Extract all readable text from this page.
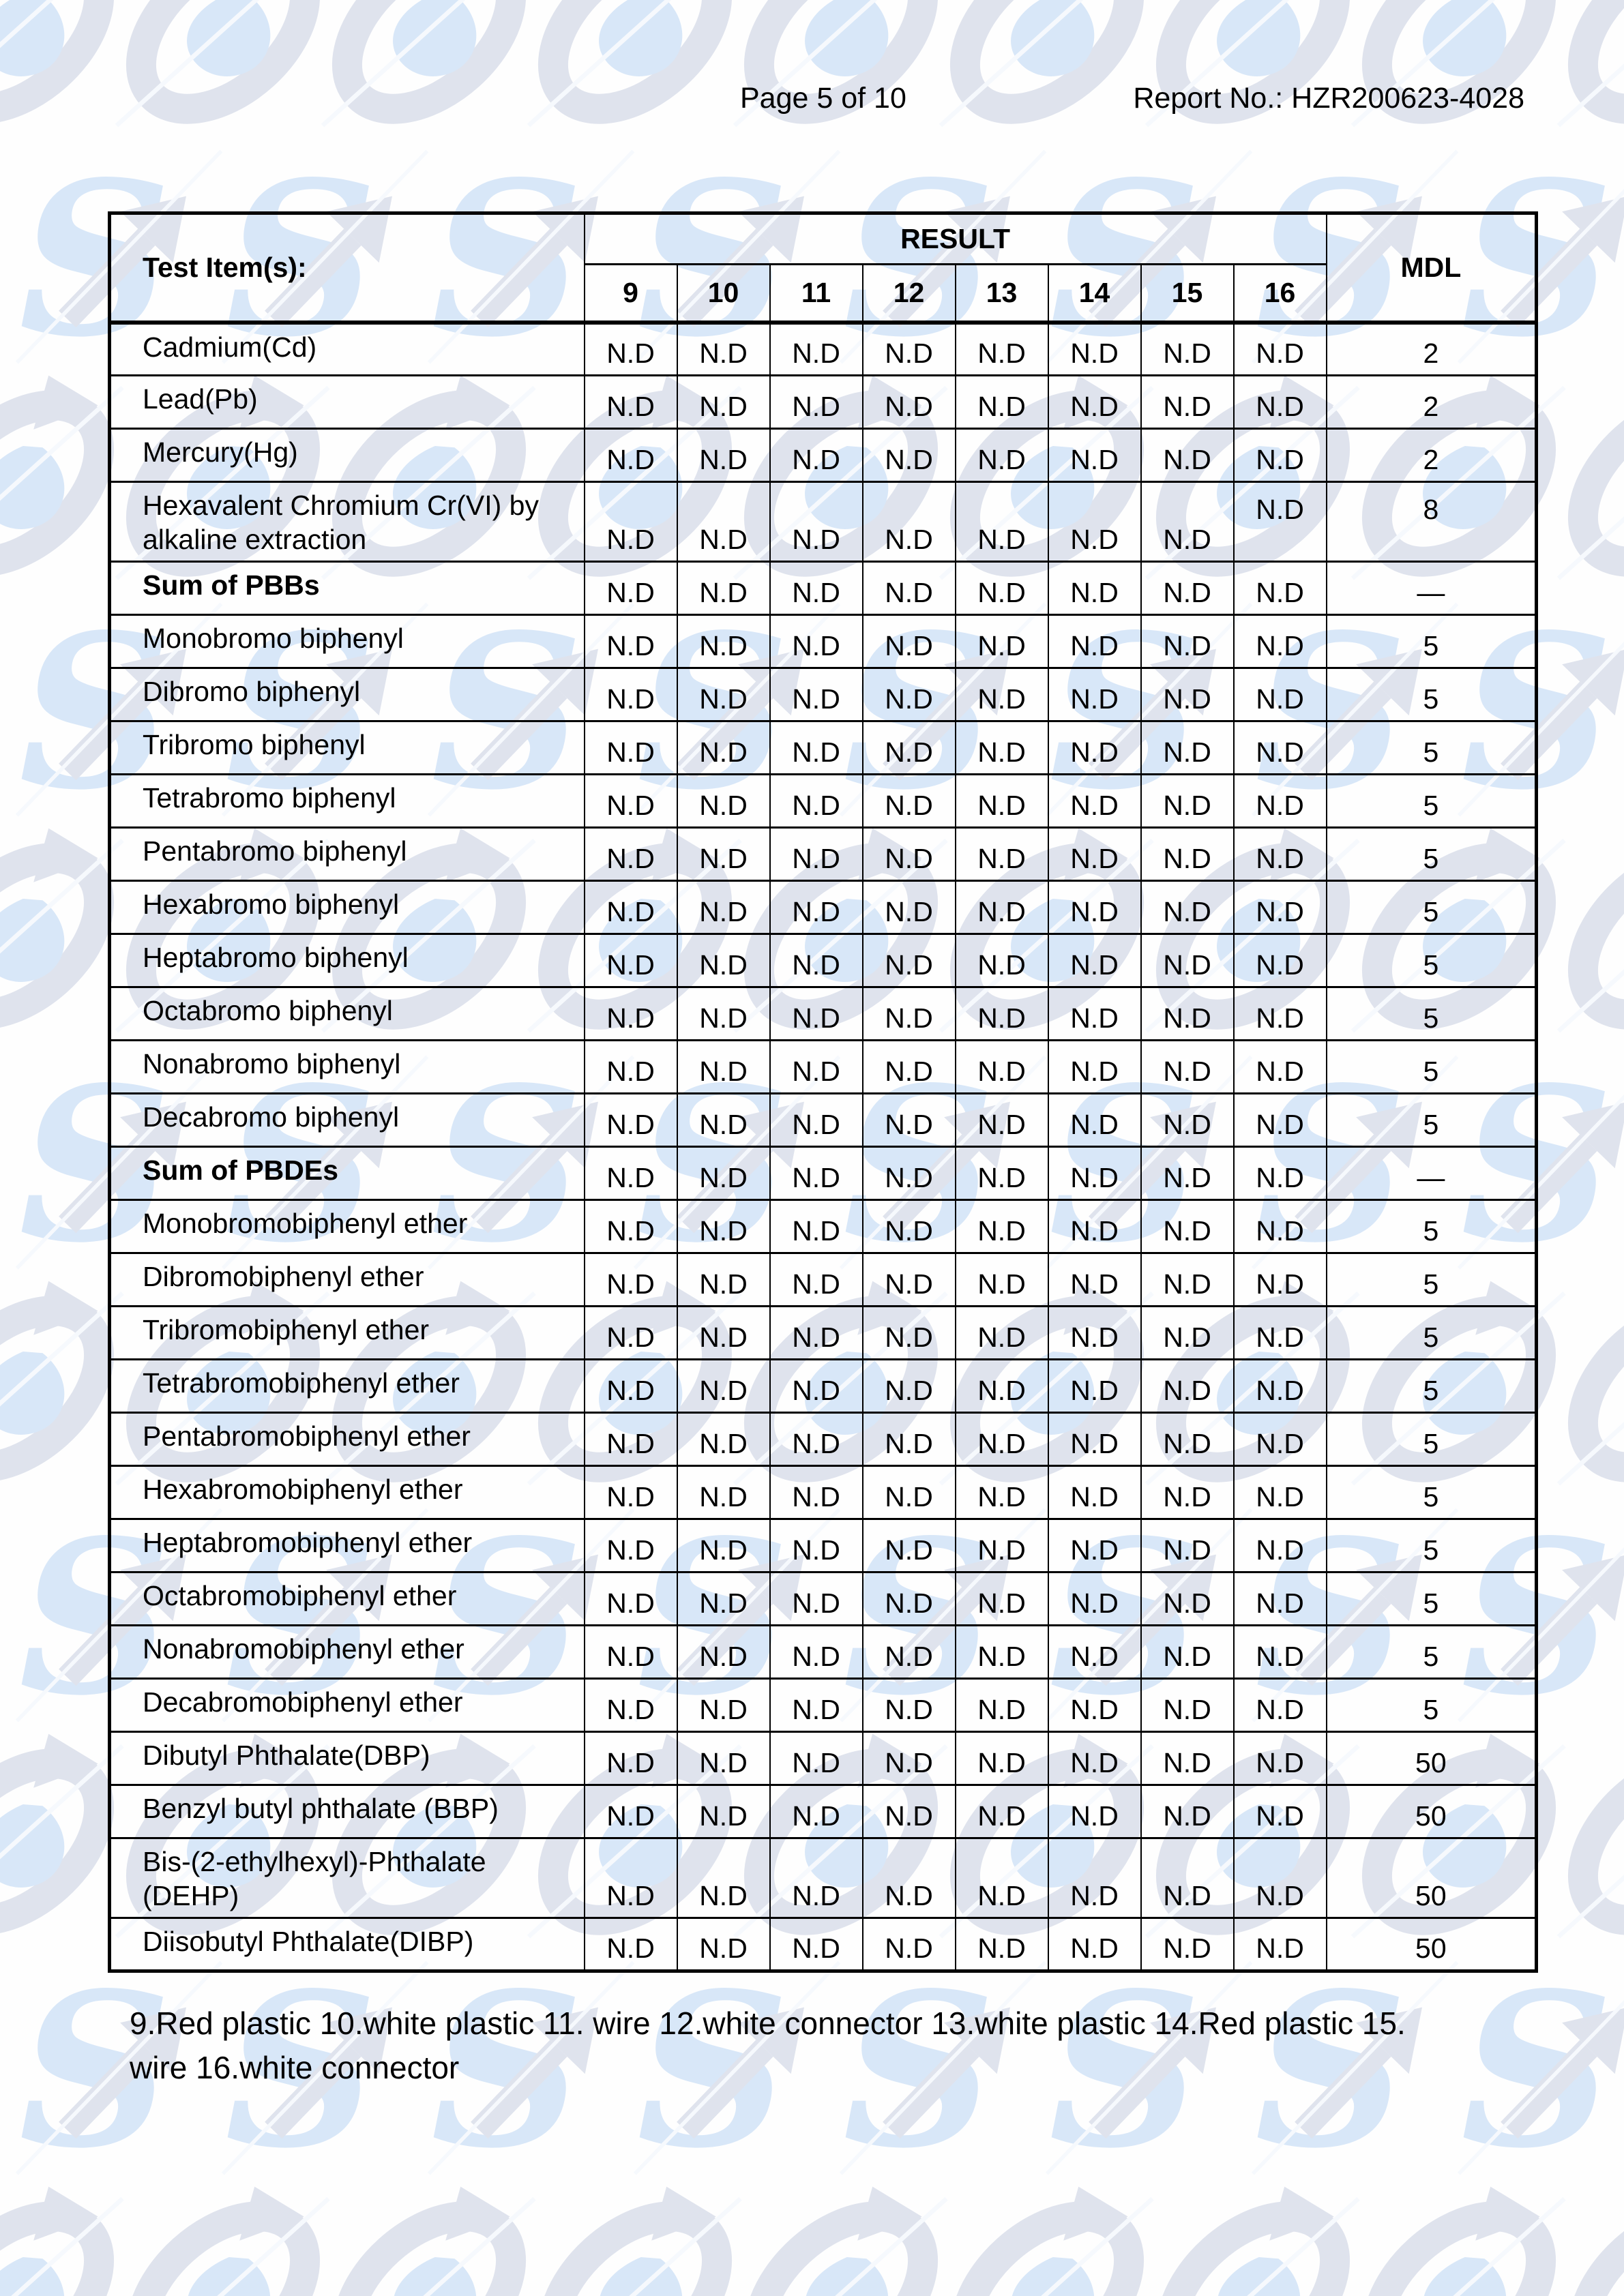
Page 5 of 10	Report No.: HZR200623-4028
Test Item(s):	RESULT								MDL
	9	10	11	12	13	14	15	16	
Cadmium(Cd)	N.D	N.D	N.D	N.D	N.D	N.D	N.D	N.D	2
Lead(Pb)	N.D	N.D	N.D	N.D	N.D	N.D	N.D	N.D	2
Mercury(Hg)	N.D	N.D	N.D	N.D	N.D	N.D	N.D	N.D	2
Hexavalent Chromium Cr(VI) by alkaline extraction	N.D	N.D	N.D	N.D	N.D	N.D	N.D	N.D	8
Sum of PBBs	N.D	N.D	N.D	N.D	N.D	N.D	N.D	N.D	—
Monobromo biphenyl	N.D	N.D	N.D	N.D	N.D	N.D	N.D	N.D	5
Dibromo biphenyl	N.D	N.D	N.D	N.D	N.D	N.D	N.D	N.D	5
Tribromo biphenyl	N.D	N.D	N.D	N.D	N.D	N.D	N.D	N.D	5
Tetrabromo biphenyl	N.D	N.D	N.D	N.D	N.D	N.D	N.D	N.D	5
Pentabromo biphenyl	N.D	N.D	N.D	N.D	N.D	N.D	N.D	N.D	5
Hexabromo biphenyl	N.D	N.D	N.D	N.D	N.D	N.D	N.D	N.D	5
Heptabromo biphenyl	N.D	N.D	N.D	N.D	N.D	N.D	N.D	N.D	5
Octabromo biphenyl	N.D	N.D	N.D	N.D	N.D	N.D	N.D	N.D	5
Nonabromo biphenyl	N.D	N.D	N.D	N.D	N.D	N.D	N.D	N.D	5
Decabromo biphenyl	N.D	N.D	N.D	N.D	N.D	N.D	N.D	N.D	5
Sum of PBDEs	N.D	N.D	N.D	N.D	N.D	N.D	N.D	N.D	—
Monobromobiphenyl ether	N.D	N.D	N.D	N.D	N.D	N.D	N.D	N.D	5
Dibromobiphenyl ether	N.D	N.D	N.D	N.D	N.D	N.D	N.D	N.D	5
Tribromobiphenyl ether	N.D	N.D	N.D	N.D	N.D	N.D	N.D	N.D	5
Tetrabromobiphenyl ether	N.D	N.D	N.D	N.D	N.D	N.D	N.D	N.D	5
Pentabromobiphenyl ether	N.D	N.D	N.D	N.D	N.D	N.D	N.D	N.D	5
Hexabromobiphenyl ether	N.D	N.D	N.D	N.D	N.D	N.D	N.D	N.D	5
Heptabromobiphenyl ether	N.D	N.D	N.D	N.D	N.D	N.D	N.D	N.D	5
Octabromobiphenyl ether	N.D	N.D	N.D	N.D	N.D	N.D	N.D	N.D	5
Nonabromobiphenyl ether	N.D	N.D	N.D	N.D	N.D	N.D	N.D	N.D	5
Decabromobiphenyl ether	N.D	N.D	N.D	N.D	N.D	N.D	N.D	N.D	5
Dibutyl Phthalate(DBP)	N.D	N.D	N.D	N.D	N.D	N.D	N.D	N.D	50
Benzyl butyl phthalate (BBP)	N.D	N.D	N.D	N.D	N.D	N.D	N.D	N.D	50
Bis-(2-ethylhexyl)-Phthalate (DEHP)	N.D	N.D	N.D	N.D	N.D	N.D	N.D	N.D	50
Diisobutyl Phthalate(DIBP)	N.D	N.D	N.D	N.D	N.D	N.D	N.D	N.D	50

9.Red plastic 10.white plastic 11. wire 12.white connector 13.white plastic 14.Red plastic 15.
wire 16.white connector
